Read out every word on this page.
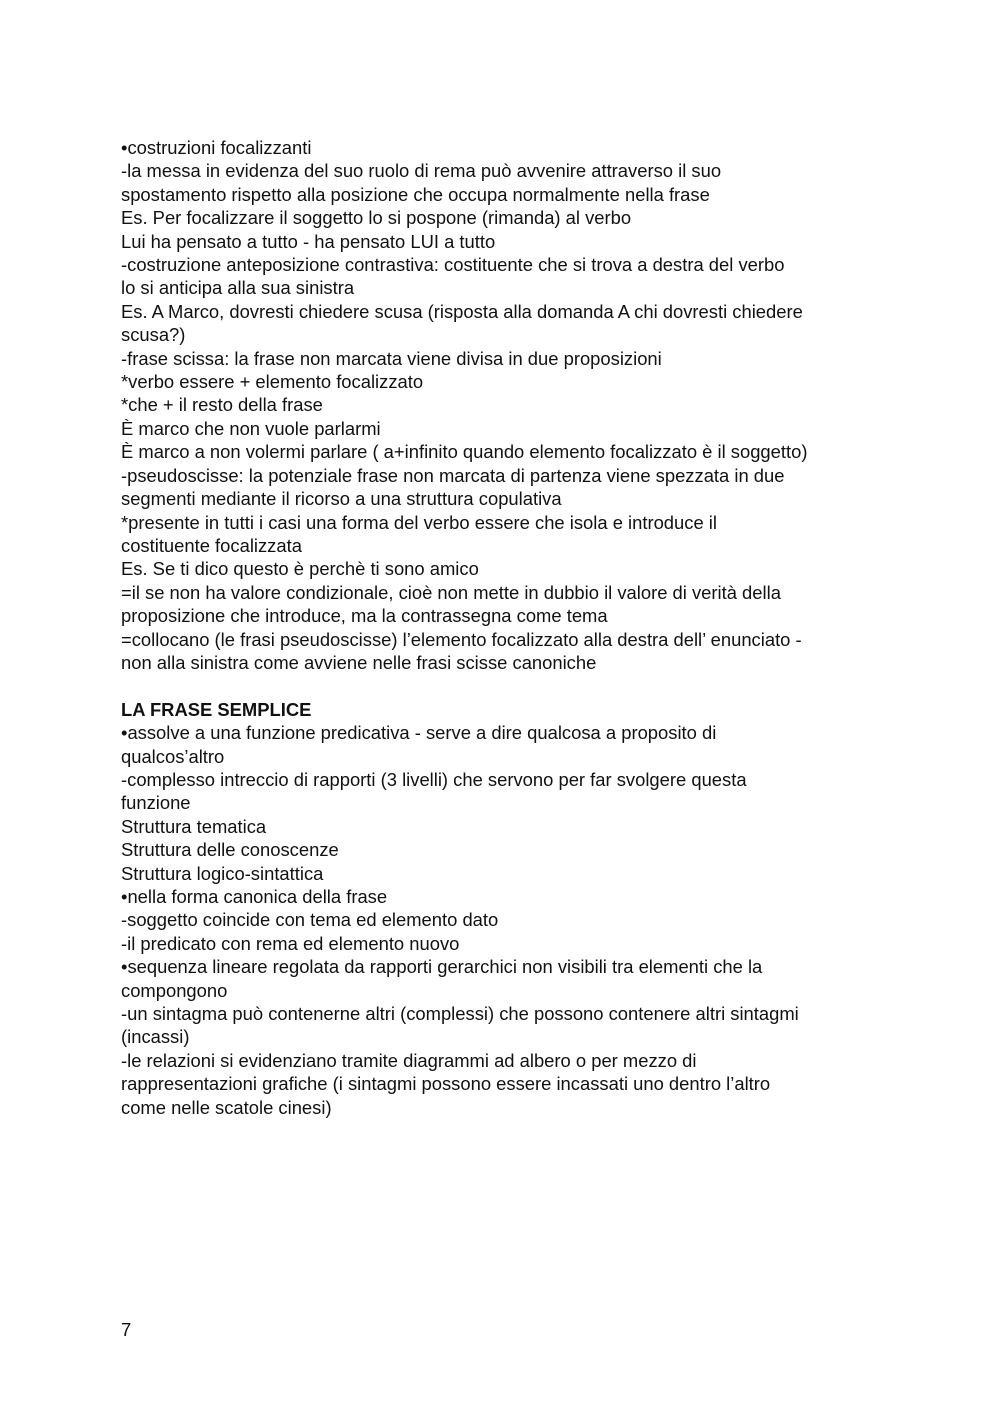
•costruzioni focalizzanti
-la messa in evidenza del suo ruolo di rema può avvenire attraverso il suo
spostamento rispetto alla posizione che occupa normalmente nella frase
Es. Per focalizzare il soggetto lo si pospone (rimanda) al verbo
Lui ha pensato a tutto - ha pensato LUI a tutto
-costruzione anteposizione contrastiva: costituente che si trova a destra del verbo
lo si anticipa alla sua sinistra
Es. A Marco, dovresti chiedere scusa (risposta alla domanda A chi dovresti chiedere
scusa?)
-frase scissa: la frase non marcata viene divisa in due proposizioni
*verbo essere + elemento focalizzato
*che + il resto della frase
È marco che non vuole parlarmi
È marco a non volermi parlare ( a+infinito quando elemento focalizzato è il soggetto)
-pseudoscisse: la potenziale frase non marcata di partenza viene spezzata in due
segmenti mediante il ricorso a una struttura copulativa
*presente in tutti i casi una forma del verbo essere che isola e introduce il
costituente focalizzata
Es. Se ti dico questo è perchè ti sono amico
=il se non ha valore condizionale, cioè non mette in dubbio il valore di verità della
proposizione che introduce, ma la contrassegna come tema
=collocano (le frasi pseudoscisse) l’elemento focalizzato alla destra dell’ enunciato -
non alla sinistra come avviene nelle frasi scisse canoniche
LA FRASE SEMPLICE
•assolve a una funzione predicativa - serve a dire qualcosa a proposito di
qualcos’altro
-complesso intreccio di rapporti (3 livelli) che servono per far svolgere questa
funzione
Struttura tematica
Struttura delle conoscenze
Struttura logico-sintattica
•nella forma canonica della frase
-soggetto coincide con tema ed elemento dato
-il predicato con rema ed elemento nuovo
•sequenza lineare regolata da rapporti gerarchici non visibili tra elementi che la
compongono
-un sintagma può contenerne altri (complessi) che possono contenere altri sintagmi
(incassi)
-le relazioni si evidenziano tramite diagrammi ad albero o per mezzo di
rappresentazioni grafiche (i sintagmi possono essere incassati uno dentro l’altro
come nelle scatole cinesi)
7
